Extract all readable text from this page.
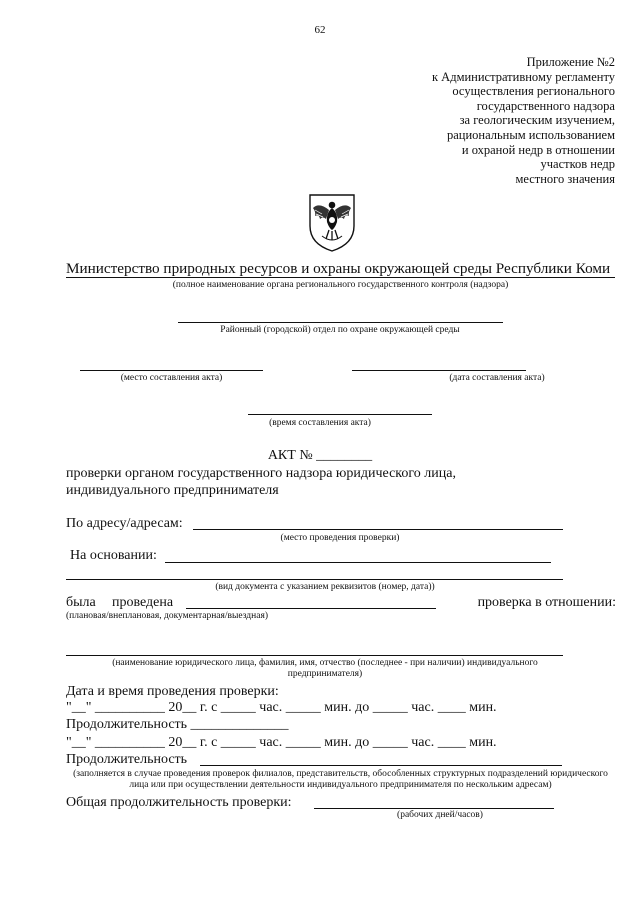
62
Приложение №2
к Административному регламенту
осуществления регионального
государственного надзора
за геологическим изучением,
рациональным использованием
и охраной недр в отношении
участков недр
местного значения
Министерство природных ресурсов и охраны окружающей среды Республики Коми
(полное наименование органа регионального государственного контроля (надзора)
Районный (городской) отдел по охране окружающей среды
(место составления акта)	(дата составления акта)
(время составления акта)
АКТ № ________
проверки органом государственного надзора юридического лица,
индивидуального предпринимателя
По адресу/адресам:
(место проведения проверки)
На основании:
(вид документа с указанием реквизитов (номер, дата))
была проведена	проверка в отношении:
(плановая/внеплановая, документарная/выездная)
(наименование юридического лица, фамилия, имя, отчество (последнее - при наличии) индивидуального предпринимателя)
Дата и время проведения проверки:
"__" __________ 20__ г. с _____ час. _____ мин. до _____ час. ____ мин.
Продолжительность ______________
"__" __________ 20__ г. с _____ час. _____ мин. до _____ час. ____ мин.
Продолжительность
(заполняется в случае проведения проверок филиалов, представительств, обособленных структурных подразделений юридического лица или при осуществлении деятельности индивидуального предпринимателя по нескольким адресам)
Общая продолжительность проверки:
(рабочих дней/часов)
